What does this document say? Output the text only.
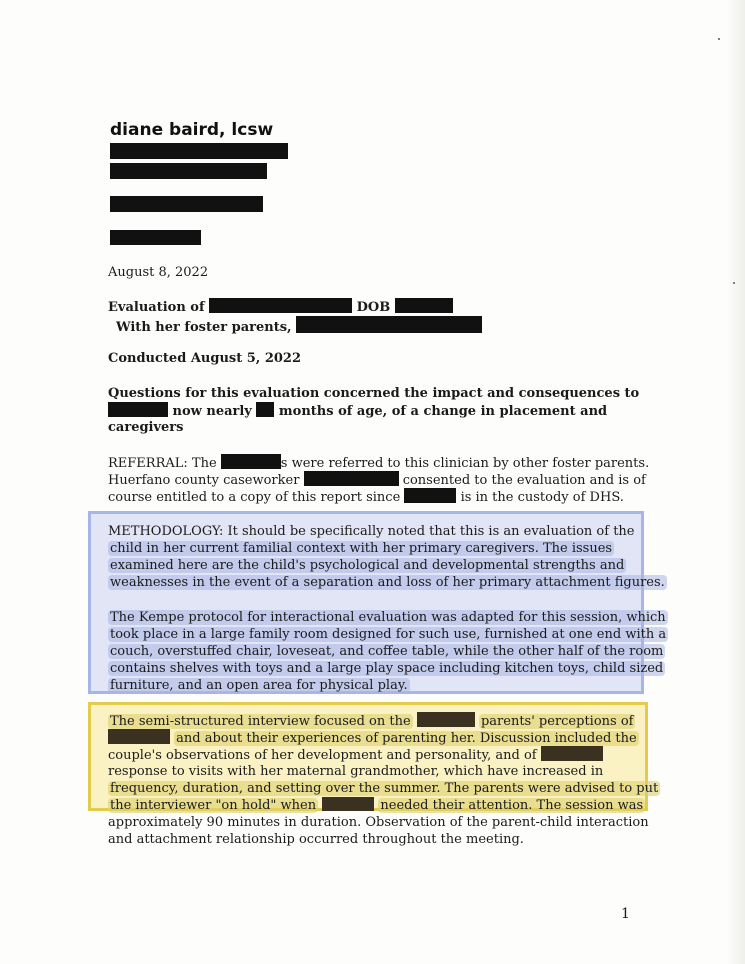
diane baird, lcsw
August 8, 2022
Evaluation of	DOB
With her foster parents,
Conducted August 5, 2022
Questions for this evaluation concerned the impact and consequences to
now nearly months of age, of a change in placement and
caregivers
REFERRAL: The	s were referred to this clinician by other foster parents.
Huerfano county caseworker	consented to the evaluation and is of
course entitled to a copy of this report since	is in the custody of DHS.
METHODOLOGY: It should be specifically noted that this is an evaluation of the
child in her current familial context with her primary caregivers. The issues
examined here are the child's psychological and developmental strengths and
weaknesses in the event of a separation and loss of her primary attachment figures.
The Kempe protocol for interactional evaluation was adapted for this session, which
took place in a large family room designed for such use, furnished at one end with a
couch, overstuffed chair, loveseat, and coffee table, while the other half of the room
contains shelves with toys and a large play space including kitchen toys, child sized
furniture, and an open area for physical play.
The semi-structured interview focused on the	parents' perceptions of
and about their experiences of parenting her. Discussion included the
couple's observations of her development and personality, and of
response to visits with her maternal grandmother, which have increased in
frequency, duration, and setting over the summer. The parents were advised to put
the interviewer "on hold" when	needed their attention. The session was
approximately 90 minutes in duration. Observation of the parent-child interaction
and attachment relationship occurred throughout the meeting.
1
